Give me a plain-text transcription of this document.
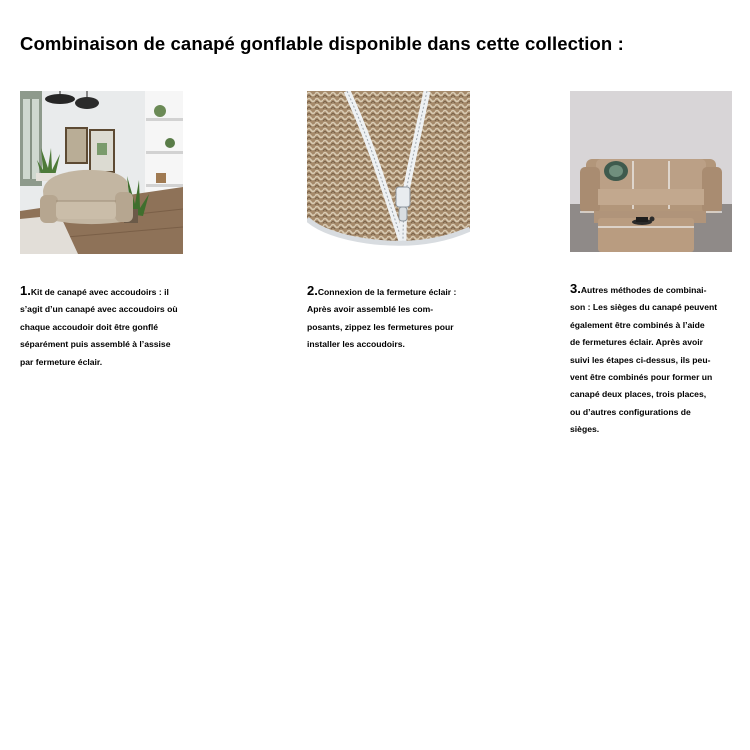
Combinaison de canapé gonflable disponible dans cette collection :
1.Kit de canapé avec accoudoirs : il
s’agit d’un canapé avec accoudoirs où
chaque accoudoir doit être gonflé
séparément puis assemblé à l’assise
par fermeture éclair.
2.Connexion de la fermeture éclair :
Après avoir assemblé les com-
posants, zippez les fermetures pour
installer les accoudoirs.
3.Autres méthodes de combinai-
son : Les sièges du canapé peuvent
également être combinés à l’aide
de fermetures éclair. Après avoir
suivi les étapes ci-dessus, ils peu-
vent être combinés pour former un
canapé deux places, trois places,
ou d’autres configurations de
sièges.
